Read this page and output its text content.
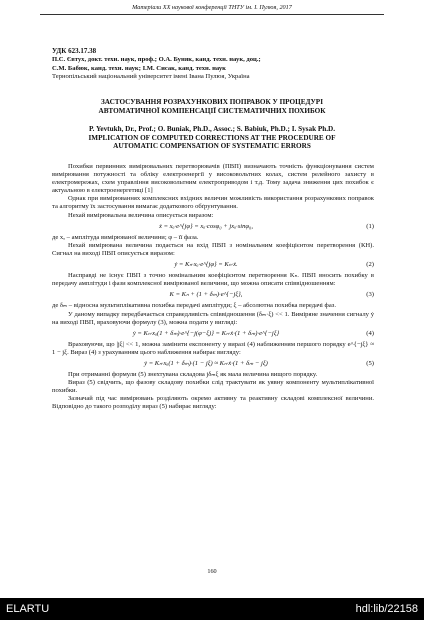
Матеріали XX наукової конференції ТНТУ ім. І. Пулюя, 2017
УДК 623.17.38
П.С. Євтух, докт. техн. наук, проф.; О.А. Буняк, канд. техн. наук, доц.;
С.М. Бабюк, канд. техн. наук; І.М. Сисак, канд. техн. наук
Тернопільський національний університет імені Івана Пулюя, Україна
ЗАСТОСУВАННЯ РОЗРАХУНКОВИХ ПОПРАВОК У ПРОЦЕДУРІ
АВТОМАТИЧНОЇ КОМПЕНСАЦІЇ СИСТЕМАТИЧНИХ ПОХИБОК
P. Yevtukh, Dr., Prof.; O. Buniak, Ph.D., Assoc.; S. Babiuk, Ph.D.; I. Sysak Ph.D.
IMPLICATION OF COMPUTED CORRECTIONS AT THE PROCEDURE OF
AUTOMATIC COMPENSATION OF SYSTEMATIC ERRORS

Похибки первинних вимірювальних перетворювачів (ПВП) визначають точність функціонування систем вимірювання потужності та обліку електроенергії у високовольтних колах, систем релейного захисту в електромережах, схем управління високовольтним електроприводом і т.д. Тому задача зниження цих похибок є актуальною в електроенергетиці [1]

Однак при вимірюваннях комплексних вхідних величин можливість використання розрахункових поправок та алгоритму їх застосування вимагає додаткового обґрунтування.

Нехай вимірювальна величина описується виразом:

ẋ = xₐ·e^{jφ} = xₐ·cosφ₀ + jxₐ·sinφ₀,	(1)

де xₐ – амплітуда вимірюваної величини; φ – її фаза.

Нехай вимірювана величина подається на вхід ПВП з номінальним коефіцієнтом перетворення (КН). Сигнал на виході ПВП описується виразом:

ẏ = Kₙ·xₐ·e^{jφ} = Kₙ·ẋ.	(2)

Насправді не існує ПВП з точно номінальним коефіцієнтом перетворення Kₙ. ПВП вносить похибку в передачу амплітуди і фази комплексної вимірюваної величини, що можна описати співвідношенням:

K = Kₙ + (1 + δₘ)·e^{−jξ},	(3)

де δₘ – відносна мультиплікативна похибка передачі амплітуди; ξ – абсолютна похибка передачі фаз.

У даному випадку передбачається справедливість співвідношення (δₘ·ξ) << 1. Виміряне значення сигналу ẏ на виході ПВП, враховуючи формулу (3), можна подати у вигляді:

ẏ = Kₙ·xₐ(1 + δₘ)·e^{−j(φ−ξ)} = Kₙ·ẋ·(1 + δₘ)·e^{−jξ}	(4)

Враховуючи, що |jξ| << 1, можна замінити експоненту у виразі (4) наближенням першого порядку e^{−jξ} ≈ 1 − jξ. Вираз (4) з урахуванням цього наближення набирає вигляду:

ẏ = Kₙ·xₐ(1 + δₘ)·(1 − jξ) ≈ Kₙ·ẋ·(1 + δₘ − jξ)	(5)

При отриманні формули (5) знехтувана складова jδₘξ як мала величина вищого порядку.

Вираз (5) свідчить, що фазову складову похибки слід трактувати як уявну компоненту мультиплікативної похибки.

Зазначай під час вимірювань розділяють окремо активну та реактивну складові комплексної величини. Відповідно до такого розподілу вираз (5) набирає вигляду:

160
ELARTU	hdl:lib/22158
